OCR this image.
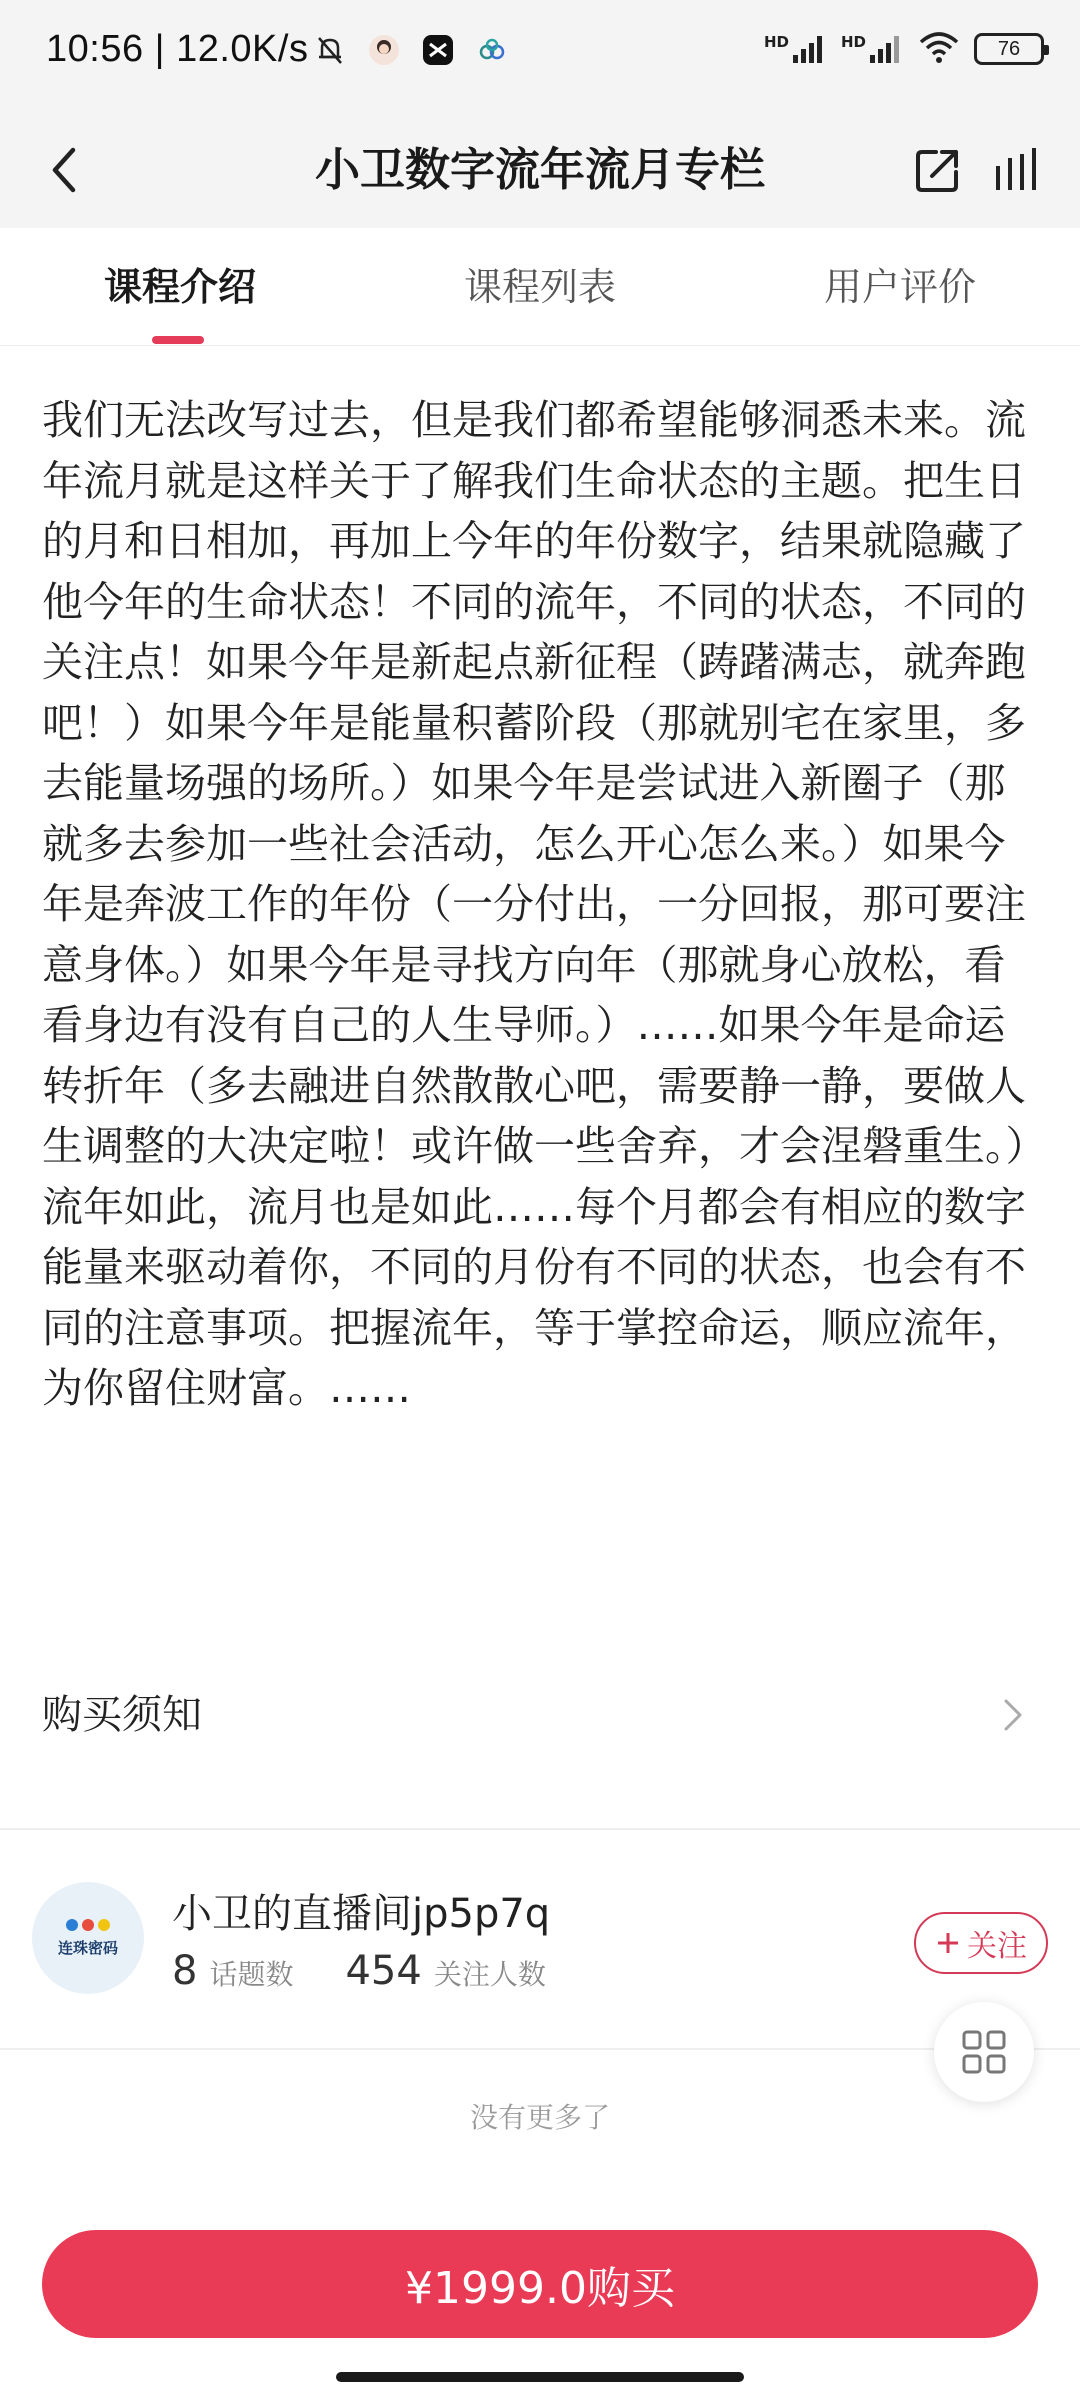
10:56 | 12.0K/s	HD	HD	76
小卫数字流年流月专栏
课程介绍	课程列表	用户评价
我们无法改写过去，但是我们都希望能够洞悉未来。流年流月就是这样关于了解我们生命状态的主题。把生日的月和日相加，再加上今年的年份数字，结果就隐藏了他今年的生命状态！不同的流年，不同的状态，不同的关注点！如果今年是新起点新征程（踌躇满志，就奔跑吧！）如果今年是能量积蓄阶段（那就别宅在家里，多去能量场强的场所。）如果今年是尝试进入新圈子（那就多去参加一些社会活动，怎么开心怎么来。）如果今年是奔波工作的年份（一分付出，一分回报，那可要注意身体。）如果今年是寻找方向年（那就身心放松，看看身边有没有自己的人生导师。）……如果今年是命运转折年（多去融进自然散散心吧，需要静一静，要做人生调整的大决定啦！或许做一些舍弃，才会涅磐重生。）流年如此，流月也是如此……每个月都会有相应的数字能量来驱动着你，不同的月份有不同的状态，也会有不同的注意事项。把握流年，等于掌控命运，顺应流年，为你留住财富。……
购买须知
连珠密码
小卫的直播间jp5p7q
8 话题数 454 关注人数
关注
没有更多了
¥1999.0购买
